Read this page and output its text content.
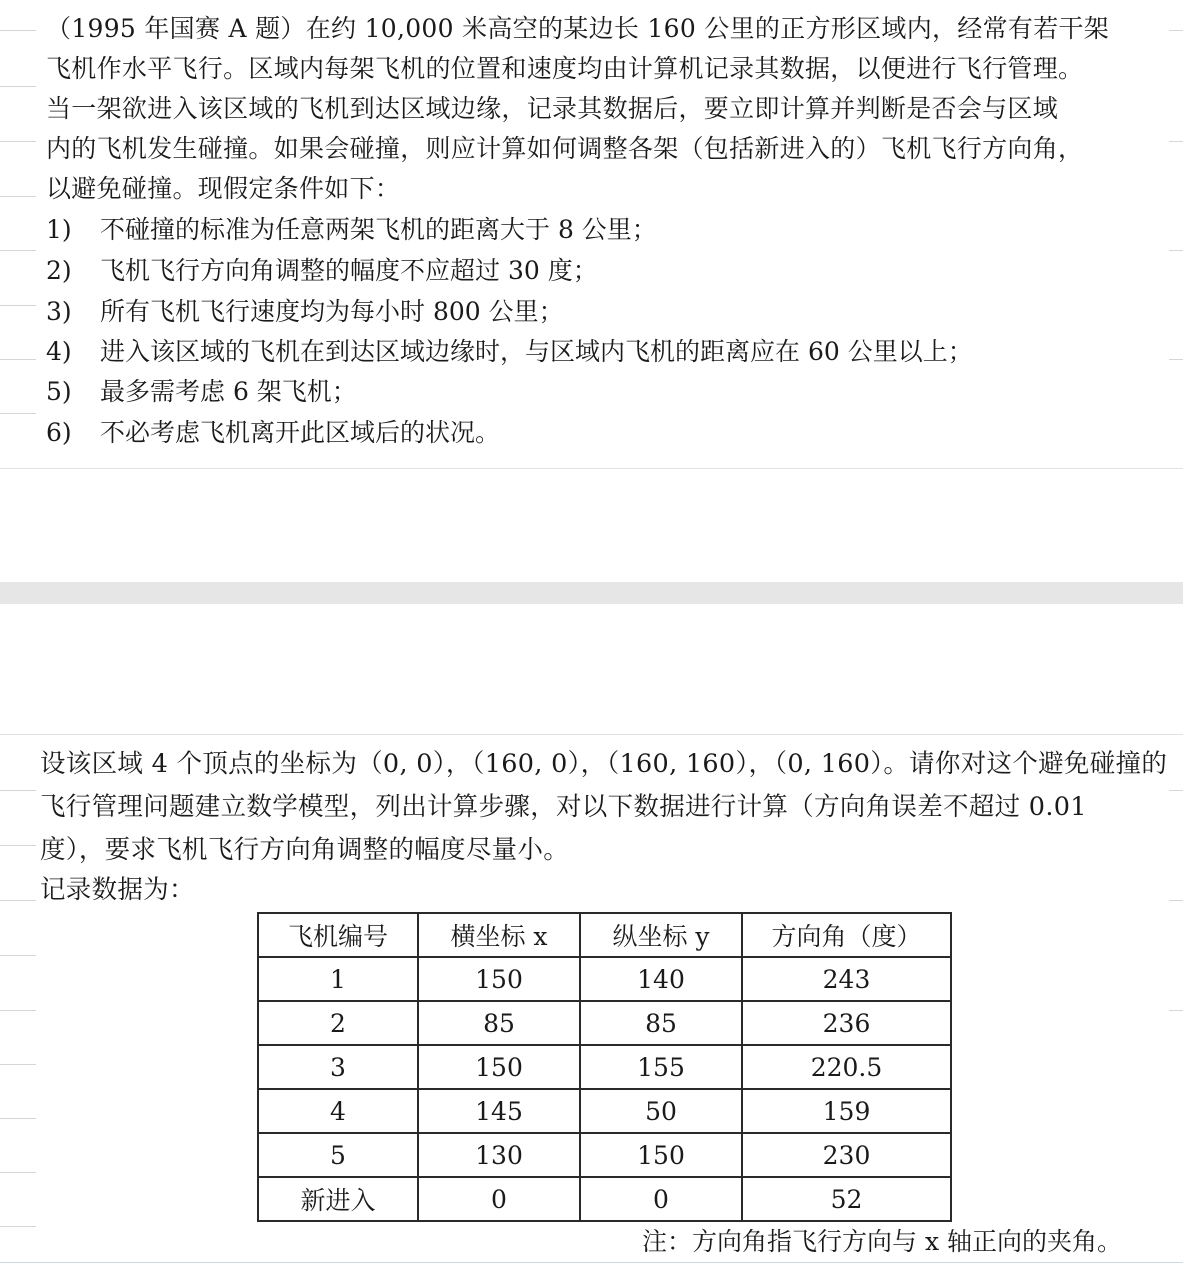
（1995 年国赛 A 题）在约 10,000 米高空的某边长 160 公里的正方形区域内，经常有若干架
飞机作水平飞行。区域内每架飞机的位置和速度均由计算机记录其数据，以便进行飞行管理。
当一架欲进入该区域的飞机到达区域边缘，记录其数据后，要立即计算并判断是否会与区域
内的飞机发生碰撞。如果会碰撞，则应计算如何调整各架（包括新进入的）飞机飞行方向角，
以避免碰撞。现假定条件如下：
1) 不碰撞的标准为任意两架飞机的距离大于 8 公里；
2) 飞机飞行方向角调整的幅度不应超过 30 度；
3) 所有飞机飞行速度均为每小时 800 公里；
4) 进入该区域的飞机在到达区域边缘时，与区域内飞机的距离应在 60 公里以上；
5) 最多需考虑 6 架飞机；
6) 不必考虑飞机离开此区域后的状况。
设该区域 4 个顶点的坐标为（0, 0），（160, 0），（160, 160），（0, 160）。请你对这个避免碰撞的
飞行管理问题建立数学模型，列出计算步骤，对以下数据进行计算（方向角误差不超过 0.01
度），要求飞机飞行方向角调整的幅度尽量小。
记录数据为：
飞机编号	横坐标 x	纵坐标 y	方向角（度）
1	150	140	243
2	85	85	236
3	150	155	220.5
4	145	50	159
5	130	150	230
新进入	0	0	52
注：方向角指飞行方向与 x 轴正向的夹角。
